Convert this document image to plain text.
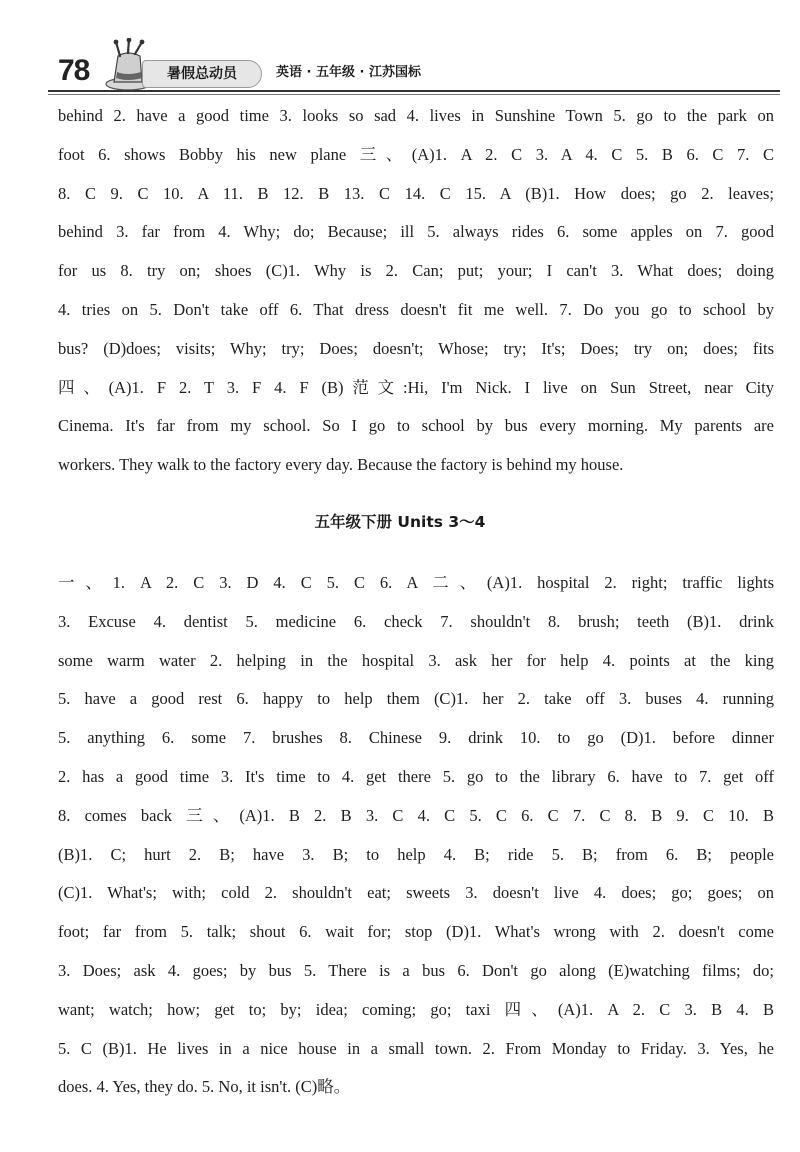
78	暑假总动员	英语 · 五年级 · 江苏国标

behind 2. have a good time 3. looks so sad 4. lives in Sunshine Town 5. go to the park on

foot 6. shows Bobby his new plane 三、(A)1. A 2. C 3. A 4. C 5. B 6. C 7. C

8. C 9. C 10. A 11. B 12. B 13. C 14. C 15. A (B)1. How does; go 2. leaves;

behind 3. far from 4. Why; do; Because; ill 5. always rides 6. some apples on 7. good

for us 8. try on; shoes (C)1. Why is 2. Can; put; your; I can't 3. What does; doing

4. tries on 5. Don't take off 6. That dress doesn't fit me well. 7. Do you go to school by

bus? (D)does; visits; Why; try; Does; doesn't; Whose; try; It's; Does; try on; does; fits

四、(A)1. F 2. T 3. F 4. F (B)范文:Hi, I'm Nick. I live on Sun Street, near City

Cinema. It's far from my school. So I go to school by bus every morning. My parents are

workers. They walk to the factory every day. Because the factory is behind my house.

五年级下册 Units 3～4

一、1. A 2. C 3. D 4. C 5. C 6. A 二、(A)1. hospital 2. right; traffic lights

3. Excuse 4. dentist 5. medicine 6. check 7. shouldn't 8. brush; teeth (B)1. drink

some warm water 2. helping in the hospital 3. ask her for help 4. points at the king

5. have a good rest 6. happy to help them (C)1. her 2. take off 3. buses 4. running

5. anything 6. some 7. brushes 8. Chinese 9. drink 10. to go (D)1. before dinner

2. has a good time 3. It's time to 4. get there 5. go to the library 6. have to 7. get off

8. comes back 三、(A)1. B 2. B 3. C 4. C 5. C 6. C 7. C 8. B 9. C 10. B

(B)1. C; hurt 2. B; have 3. B; to help 4. B; ride 5. B; from 6. B; people

(C)1. What's; with; cold 2. shouldn't eat; sweets 3. doesn't live 4. does; go; goes; on

foot; far from 5. talk; shout 6. wait for; stop (D)1. What's wrong with 2. doesn't come

3. Does; ask 4. goes; by bus 5. There is a bus 6. Don't go along (E)watching films; do;

want; watch; how; get to; by; idea; coming; go; taxi 四、(A)1. A 2. C 3. B 4. B

5. C (B)1. He lives in a nice house in a small town. 2. From Monday to Friday. 3. Yes, he

does. 4. Yes, they do. 5. No, it isn't. (C)略。
